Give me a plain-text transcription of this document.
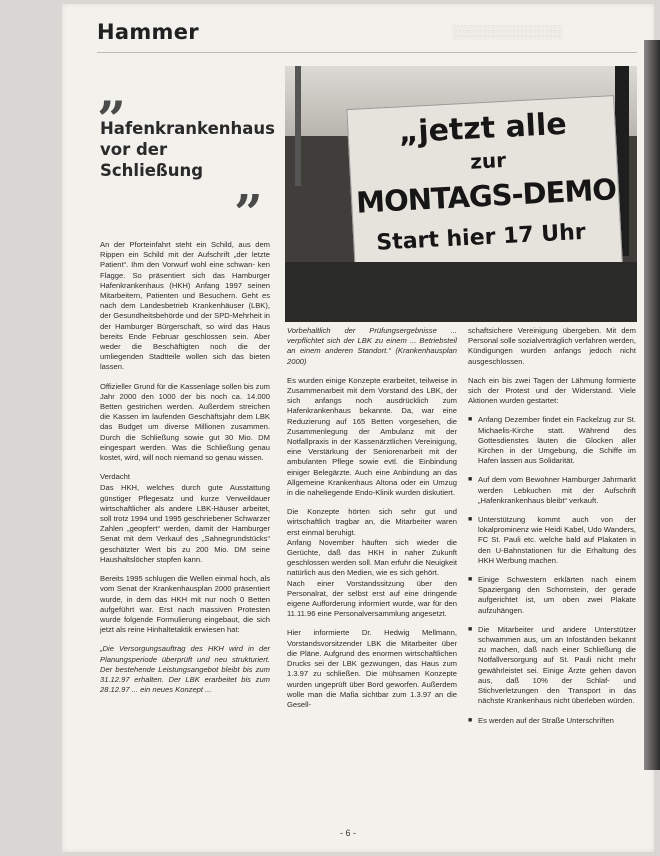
Hammer	░░░░░░░░░░░░
„
Hafenkrankenhaus vor der Schließung
”
„jetzt alle
zur
MONTAGS-DEMO
Start hier 17 Uhr

An der Pforteinfahrt steht ein Schild, aus dem Rippen ein Schild mit der Aufschrift „der letzte Patient“. Ihm den Vorwurf wohl eine schwan- ken Flagge. So präsentiert sich das Hamburger Hafenkrankenhaus (HKH) Anfang 1997 seinen Mitarbeitern, Patienten und Besuchern. Geht es nach dem Landesbetrieb Krankenhäuser (LBK), der Gesundheitsbehörde und der SPD-Mehrheit in der Hamburger Bürgerschaft, so wird das Haus bereits Ende Februar geschlossen sein. Aber weder die Beschäftigten noch die der umliegenden Stadtteile wollen sich das bieten lassen.

Offizieller Grund für die Kassenlage sollen bis zum Jahr 2000 den 1000 der bis noch ca. 14.000 Betten gestrichen werden. Außerdem streichen die Kassen im laufenden Geschäftsjahr dem LBK das Budget um diverse Millionen zusammen. Durch die Schließung sowie gut 30 Mio. DM eingespart werden. Was die Schließung genau kostet, wird, will noch niemand so genau wissen.

Verdacht

Das HKH, welches durch gute Ausstattung günstiger Pflegesatz und kurze Verweildauer wirtschaftlicher als andere LBK-Häuser arbeitet, soll trotz 1994 und 1995 geschriebener Schwarzer Zahlen „geopfert“ werden, damit der Hamburger Senat mit dem Verkauf des „Sahnegrundstücks“ geschätzter Wert bis zu 200 Mio. DM seine Haushaltslöcher stopfen kann.

Bereits 1995 schlugen die Wellen einmal hoch, als vom Senat der Krankenhausplan 2000 präsentiert wurde, in dem das HKH mit nur noch 0 Betten aufgeführt war. Erst nach massiven Protesten wurde folgende Formulierung eingebaut, die sich jetzt als reine Hinhaltetaktik erwiesen hat:

„Die Versorgungsauftrag des HKH wird in der Planungsperiode überprüft und neu strukturiert. Der bestehende Leistungsangebot bleibt bis zum 31.12.97 erhalten. Der LBK erarbeitet bis zum 28.12.97 ... ein neues Konzept ...

Vorbehaltlich der Prüfungsergebnisse ... verpflichtet sich der LBK zu einem ... Betriebsteil an einem anderen Standort.“ (Krankenhausplan 2000)

Es wurden einige Konzepte erarbeitet, teilweise in Zusammenarbeit mit dem Vorstand des LBK, der sich anfangs noch ausdrücklich zum Hafenkrankenhaus bekannte. Da, war eine Reduzierung auf 165 Betten vorgesehen, die Zusammenlegung der Ambulanz mit der Notfallpraxis in der Kassenärztlichen Vereinigung, eine Verstärkung der Seniorenarbeit mit der ambulanten Pflege sowie evtl. die Einbindung einiger Belegärzte. Auch eine Anbindung an das Allgemeine Krankenhaus Altona oder ein Umzug in die naheliegende Endo-Klinik wurden diskutiert.

Die Konzepte hörten sich sehr gut und wirtschaftlich tragbar an, die Mitarbeiter waren erst einmal beruhigt.

Anfang November häuften sich wieder die Gerüchte, daß das HKH in naher Zukunft geschlossen werden soll. Man erfuhr die Neuigkeit natürlich aus den Medien, wie es sich gehört.

Nach einer Vorstandssitzung über den Personalrat, der selbst erst auf eine dringende eigene Aufforderung informiert wurde, war für den 11.11.96 eine Personalversammlung angesetzt.

Hier informierte Dr. Hedwig Mellmann, Vorstandsvorsitzender LBK die Mitarbeiter über die Pläne. Aufgrund des enormen wirtschaftlichen Drucks sei der LBK gezwungen, das Haus zum 1.3.97 zu schließen. Die mühsamen Konzepte wurden ungeprüft über Bord geworfen. Außerdem wolle man die Mafia sichtbar zum 1.3.97 an die Gesell-

schaftsichere Vereinigung übergeben. Mit dem Personal solle sozialverträglich verfahren werden, Kündigungen wurden anfangs jedoch nicht ausgeschlossen.

Nach ein bis zwei Tagen der Lähmung formierte sich der Protest und der Widerstand. Viele Aktionen wurden gestartet:

■ Anfang Dezember findet ein Fackelzug zur St. Michaelis-Kirche statt. Während des Gottesdienstes läuten die Glocken aller Kirchen in der Umgebung, die Schiffe im Hafen lassen aus Solidarität.
■ Auf dem vom Bewohner Hamburger Jahrmarkt werden Lebkuchen mit der Aufschrift „Hafenkrankenhaus bleibt“ verkauft.
■ Unterstützung kommt auch von der lokalprominenz wie Heidi Kabel, Udo Wanders, FC St. Pauli etc. welche bald auf Plakaten in den U-Bahnstationen für die Erhaltung des HKH Werbung machen.
■ Einige Schwestern erklärten nach einem Spaziergang den Schornstein, der gerade aufgerichtet ist, um oben zwei Plakate aufzuhängen.
■ Die Mitarbeiter und andere Unterstützer schwammen aus, um an Infoständen bekannt zu machen, daß nach einer Schließung die Notfallversorgung auf St. Pauli nicht mehr gewährleistet sei. Einige Ärzte gehen davon aus, daß 10% der Schlaf- und Stichverletzungen den Transport in das nächste Krankenhaus nicht überleben würden.
■ Es werden auf der Straße Unterschriften
- 6 -
